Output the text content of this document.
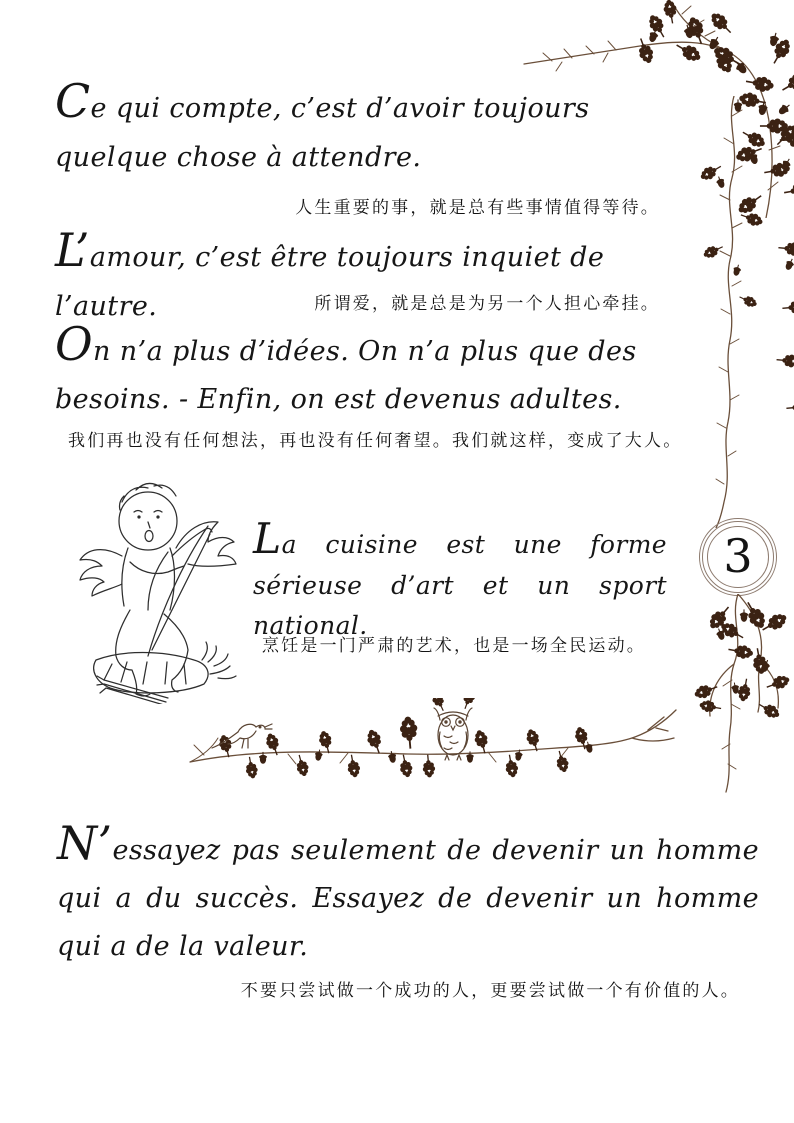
3

Ce qui compte, c’est d’avoir toujours quelque chose à attendre.

人生重要的事，就是总有些事情值得等待。

L’amour, c’est être toujours inquiet de l’autre.	所谓爱，就是总是为另一个人担心牵挂。

On n’a plus d’idées. On n’a plus que des besoins. - Enfin, on est devenus adultes.

我们再也没有任何想法，再也没有任何奢望。我们就这样，变成了大人。

La cuisine est une forme sérieuse d’art et un sport national.

烹饪是一门严肃的艺术，也是一场全民运动。

N’essayez pas seulement de devenir un homme qui a du succès. Essayez de devenir un homme qui a de la valeur.

不要只尝试做一个成功的人，更要尝试做一个有价值的人。
